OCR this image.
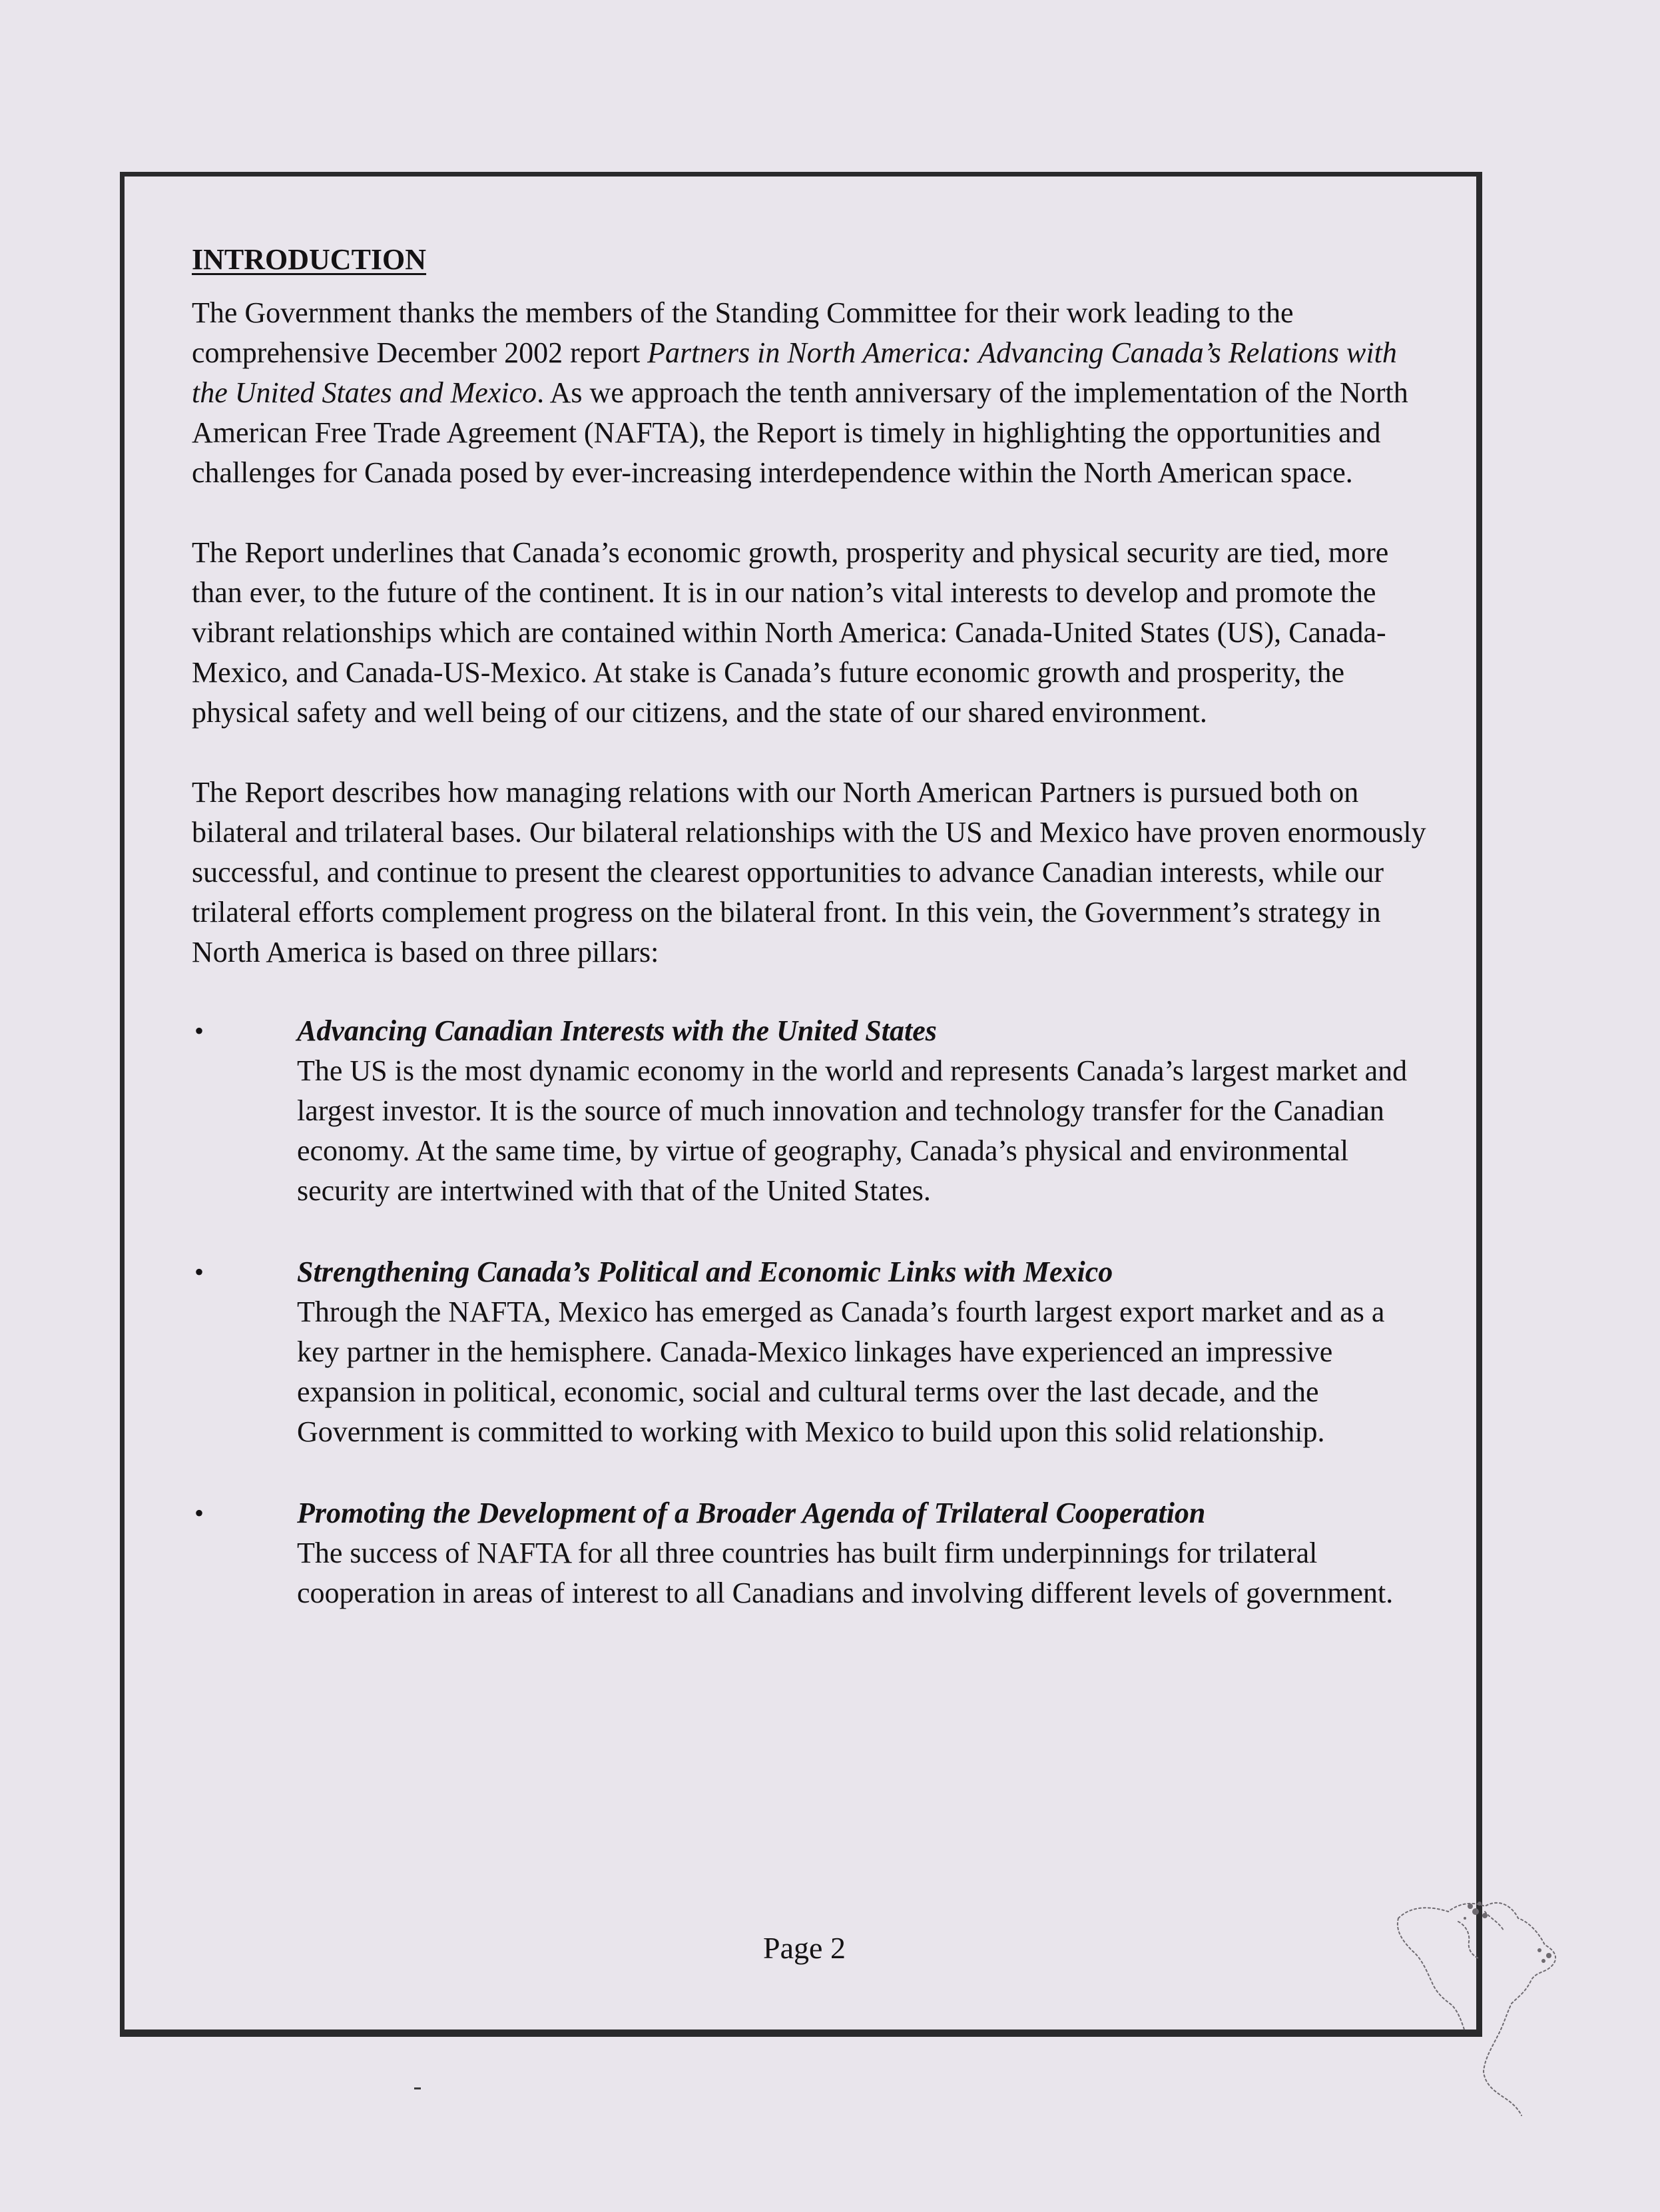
INTRODUCTION

The Government thanks the members of the Standing Committee for their work leading to the comprehensive December 2002 report Partners in North America: Advancing Canada’s Relations with the United States and Mexico. As we approach the tenth anniversary of the implementation of the North American Free Trade Agreement (NAFTA), the Report is timely in highlighting the opportunities and challenges for Canada posed by ever-increasing interdependence within the North American space.

The Report underlines that Canada’s economic growth, prosperity and physical security are tied, more than ever, to the future of the continent. It is in our nation’s vital interests to develop and promote the vibrant relationships which are contained within North America: Canada-United States (US), Canada-Mexico, and Canada-US-Mexico. At stake is Canada’s future economic growth and prosperity, the physical safety and well being of our citizens, and the state of our shared environment.

The Report describes how managing relations with our North American Partners is pursued both on bilateral and trilateral bases. Our bilateral relationships with the US and Mexico have proven enormously successful, and continue to present the clearest opportunities to advance Canadian interests, while our trilateral efforts complement progress on the bilateral front. In this vein, the Government’s strategy in North America is based on three pillars:

•	Advancing Canadian Interests with the United States
The US is the most dynamic economy in the world and represents Canada’s largest market and largest investor. It is the source of much innovation and technology transfer for the Canadian economy. At the same time, by virtue of geography, Canada’s physical and environmental security are intertwined with that of the United States.
•	Strengthening Canada’s Political and Economic Links with Mexico
Through the NAFTA, Mexico has emerged as Canada’s fourth largest export market and as a key partner in the hemisphere. Canada-Mexico linkages have experienced an impressive expansion in political, economic, social and cultural terms over the last decade, and the Government is committed to working with Mexico to build upon this solid relationship.
•	Promoting the Development of a Broader Agenda of Trilateral Cooperation
The success of NAFTA for all three countries has built firm underpinnings for trilateral cooperation in areas of interest to all Canadians and involving different levels of government.
Page 2
